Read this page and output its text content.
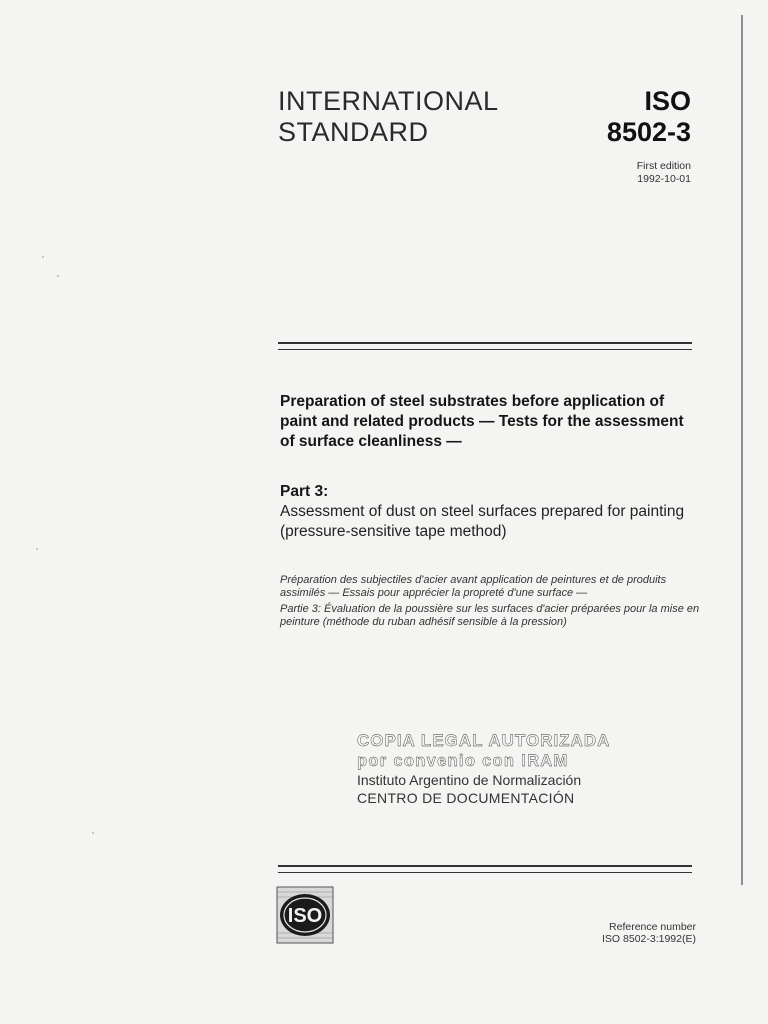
INTERNATIONAL
STANDARD
ISO
8502-3
First edition
1992-10-01
Preparation of steel substrates before application of paint and related products — Tests for the assessment of surface cleanliness —
Part 3:
Assessment of dust on steel surfaces prepared for painting (pressure-sensitive tape method)

Préparation des subjectiles d'acier avant application de peintures et de produits assimilés — Essais pour apprécier la propreté d'une surface —

Partie 3: Évaluation de la poussière sur les surfaces d'acier préparées pour la mise en peinture (méthode du ruban adhésif sensible à la pression)

COPIA LEGAL AUTORIZADA
por convenio con IRAM
Instituto Argentino de Normalización
CENTRO DE DOCUMENTACIÓN
ISO	Reference number
ISO 8502-3:1992(E)
